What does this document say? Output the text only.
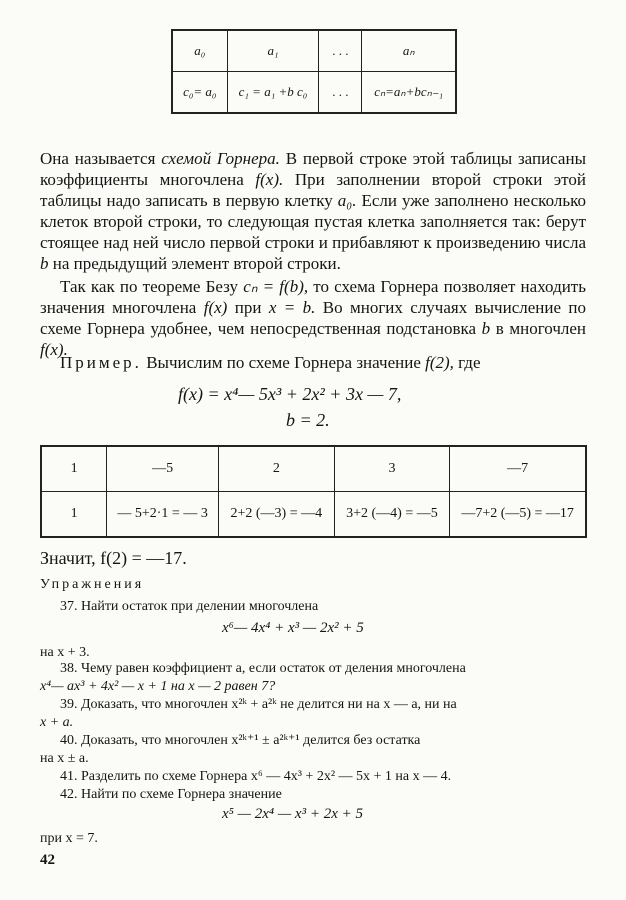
a₀	a₁	. . .	aₙ
c₀= a₀	c₁ = a₁ +b c₀	. . .	cₙ=aₙ+bcₙ₋₁
Она называется схемой Горнера. В первой строке этой таблицы записаны коэффициенты многочлена f(x). При заполнении второй строки этой таблицы надо записать в первую клетку a₀. Если уже заполнено несколько клеток второй строки, то следующая пустая клетка заполняется так: берут стоящее над ней число первой строки и прибавляют к произведению числа b на предыдущий элемент второй строки.
Так как по теореме Безу cₙ = f(b), то схема Горнера позволяет находить значения многочлена f(x) при x = b. Во многих случаях вычисление по схеме Горнера удобнее, чем непосредственная подстановка b в многочлен f(x).
Пример. Вычислим по схеме Горнера значение f(2), где
f(x) = x⁴— 5x³ + 2x² + 3x — 7,
b = 2.
1	—5	2	3	—7
1	— 5+2·1 = — 3	2+2 (—3) = —4	3+2 (—4) = —5	—7+2 (—5) = —17
Значит, f(2) = —17.
Упражнения
37. Найти остаток при делении многочлена
x⁶— 4x⁴ + x³ — 2x² + 5
на x + 3.
38. Чему равен коэффициент a, если остаток от деления многочлена
x⁴— ax³ + 4x² — x + 1 на x — 2 равен 7?
39. Доказать, что многочлен x²ᵏ + a²ᵏ не делится ни на x — a, ни на
x + a.
40. Доказать, что многочлен x²ᵏ⁺¹ ± a²ᵏ⁺¹ делится без остатка
на x ± a.
41. Разделить по схеме Горнера x⁶ — 4x³ + 2x² — 5x + 1 на x — 4.
42. Найти по схеме Горнера значение
x⁵ — 2x⁴ — x³ + 2x + 5
при x = 7.
42
